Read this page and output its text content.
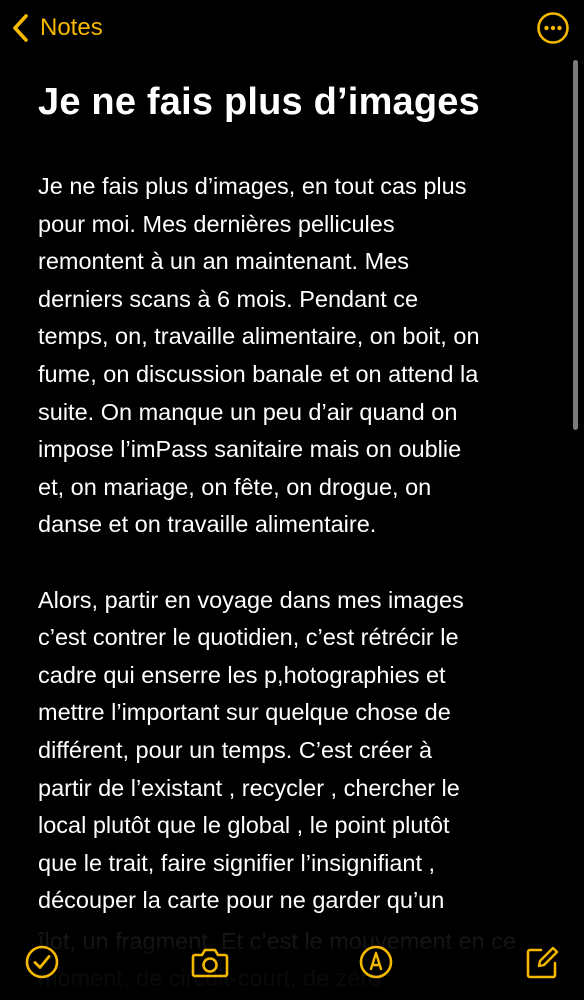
Notes
Je ne fais plus d’images
Je ne fais plus d’images, en tout cas plus
pour moi. Mes dernières pellicules
remontent à un an maintenant. Mes
derniers scans à 6 mois. Pendant ce
temps, on, travaille alimentaire, on boit, on
fume, on discussion banale et on attend la
suite. On manque un peu d’air quand on
impose l’imPass sanitaire mais on oublie
et, on mariage, on fête, on drogue, on
danse et on travaille alimentaire.
Alors, partir en voyage dans mes images
c’est contrer le quotidien, c’est rétrécir le
cadre qui enserre les p,hotographies et
mettre l’important sur quelque chose de
différent, pour un temps. C’est créer à
partir de l’existant , recycler , chercher le
local plutôt que le global , le point plutôt
que le trait, faire signifier l’insignifiant ,
découper la carte pour ne garder qu’un
